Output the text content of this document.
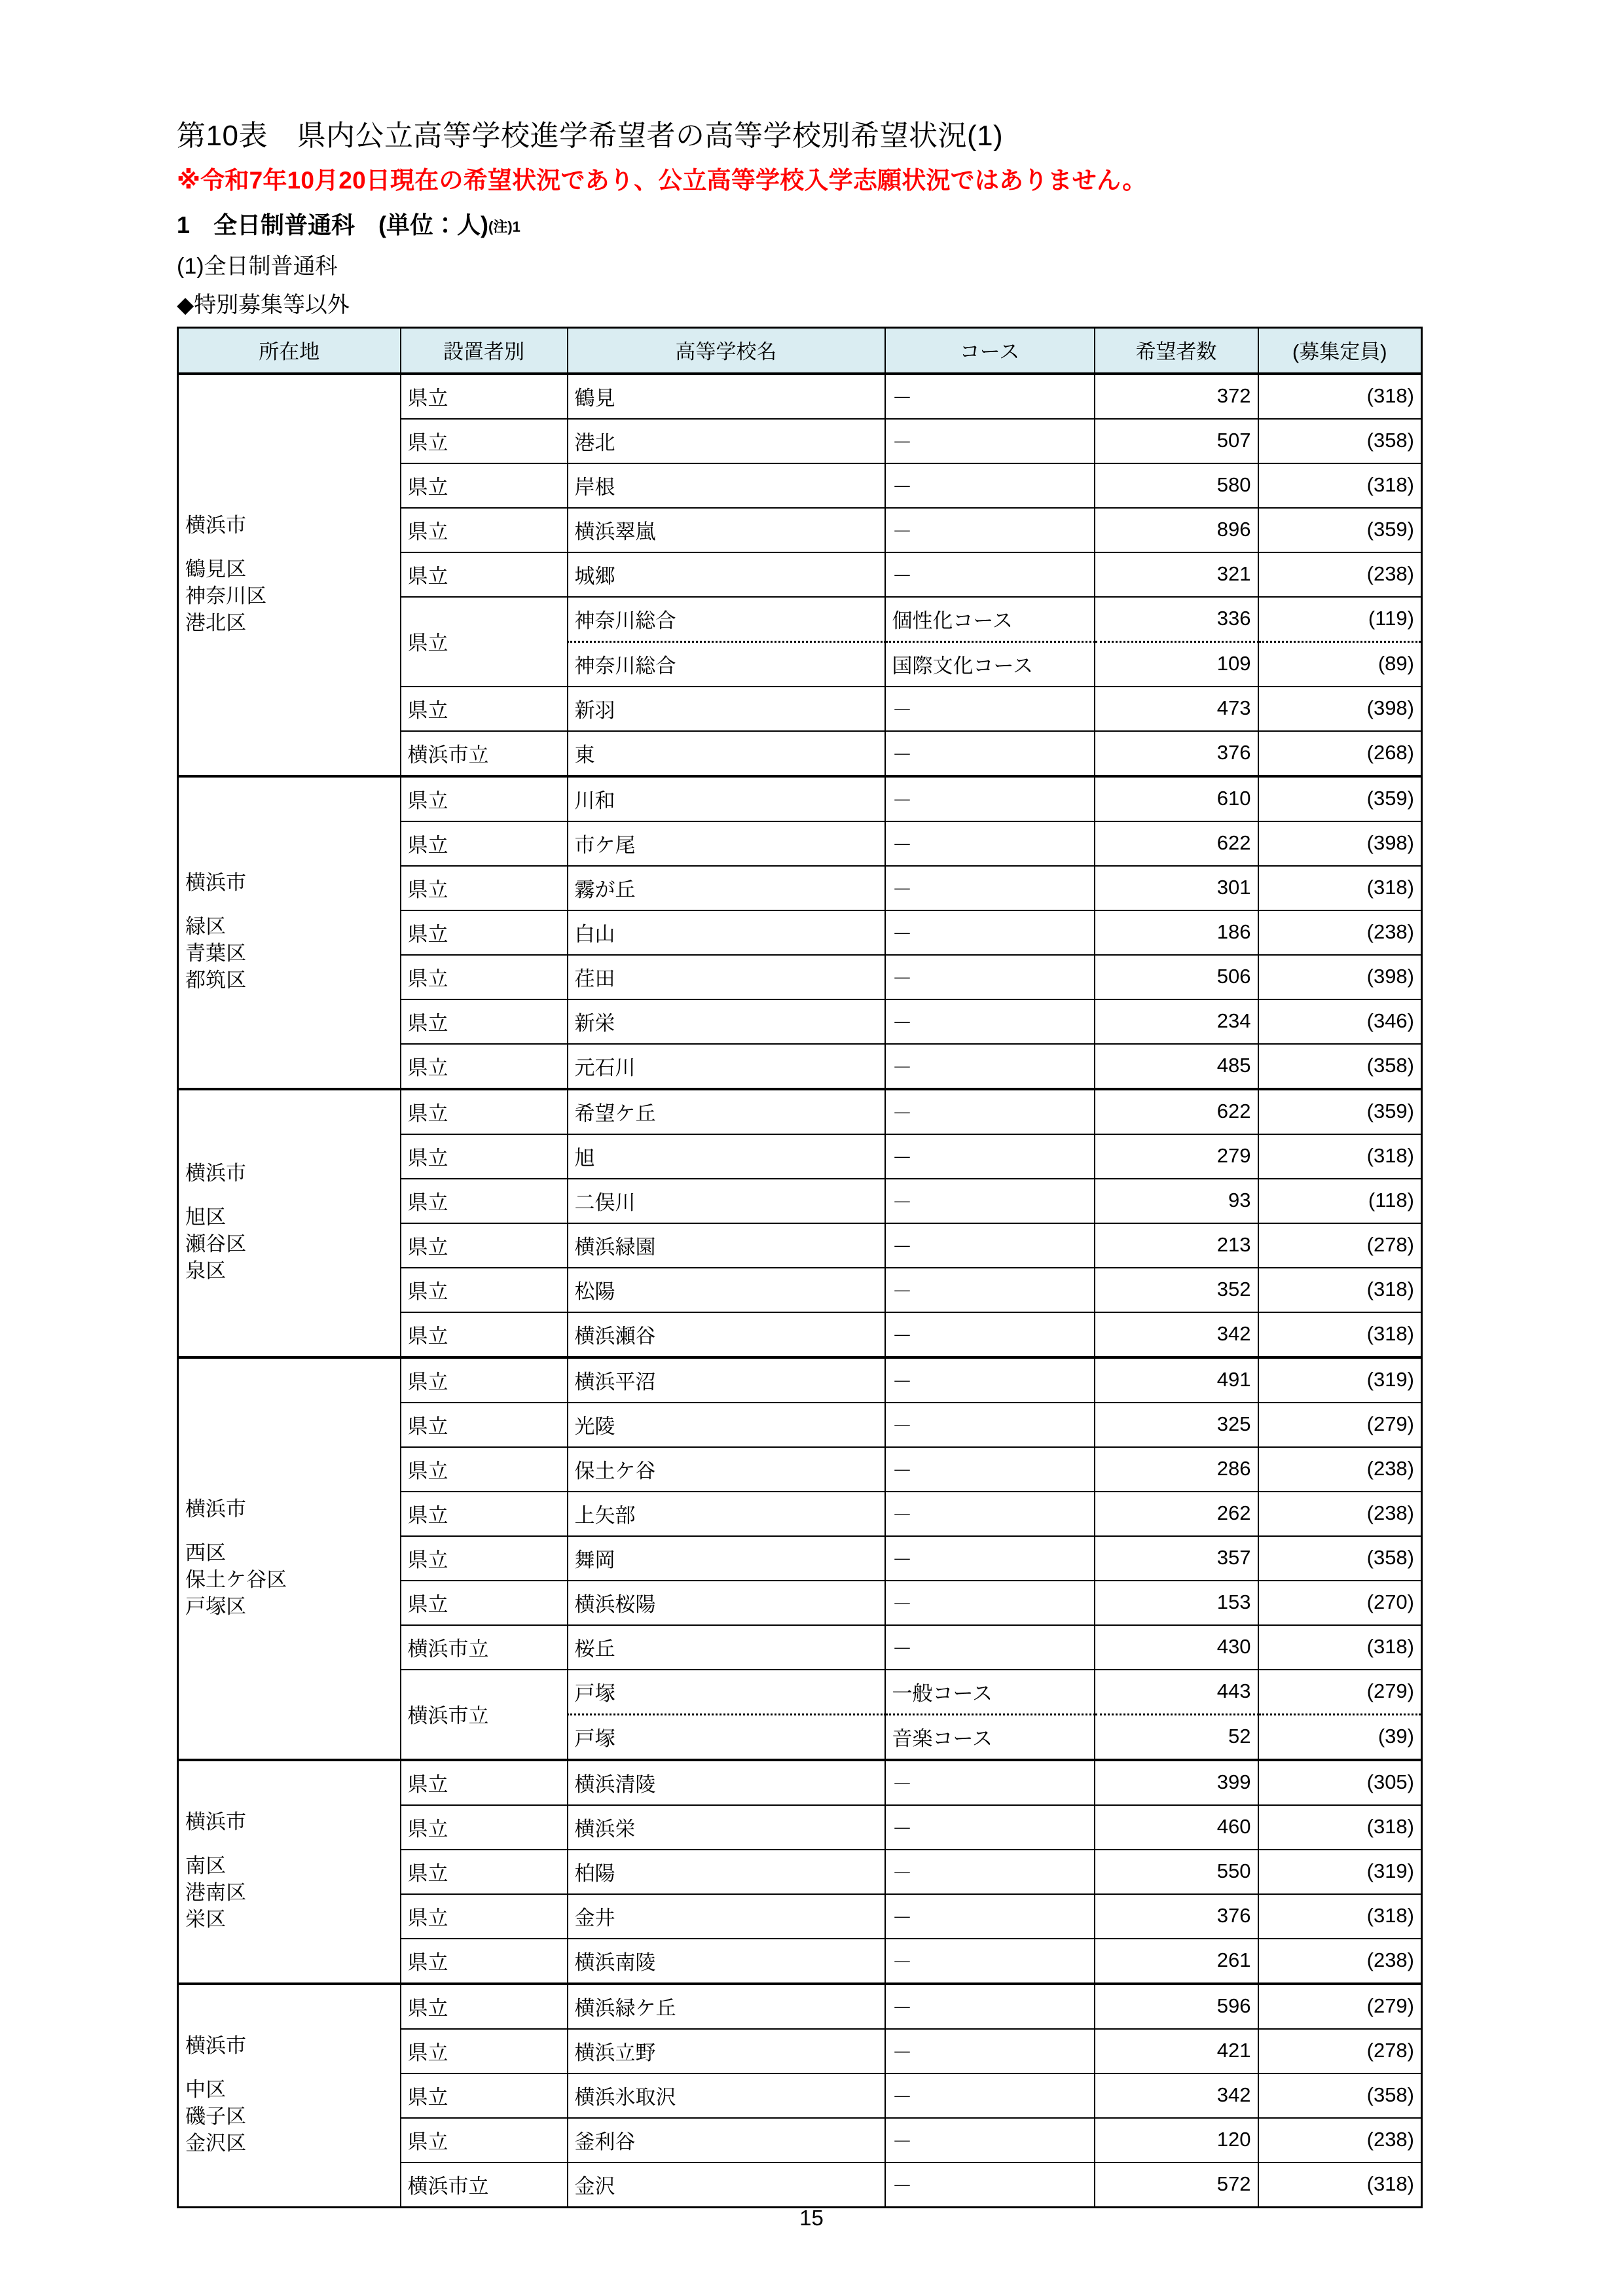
第10表　県内公立高等学校進学希望者の高等学校別希望状況(1)

※令和7年10月20日現在の希望状況であり、公立高等学校入学志願状況ではありません。

1　全日制普通科　(単位：人)(注)1

(1)全日制普通科

◆特別募集等以外

所在地	設置者別	高等学校名	コース	希望者数	(募集定員)

横浜市
鶴見区
神奈川区
港北区	県立	鶴見	－	372	(318)
	県立	港北	－	507	(358)
	県立	岸根	－	580	(318)
	県立	横浜翠嵐	－	896	(359)
	県立	城郷	－	321	(238)
	県立	神奈川総合	個性化コース	336	(119)
		神奈川総合	国際文化コース	109	(89)
	県立	新羽	－	473	(398)
	横浜市立	東	－	376	(268)

横浜市
緑区
青葉区
都筑区	県立	川和	－	610	(359)
	県立	市ケ尾	－	622	(398)
	県立	霧が丘	－	301	(318)
	県立	白山	－	186	(238)
	県立	荏田	－	506	(398)
	県立	新栄	－	234	(346)
	県立	元石川	－	485	(358)

横浜市
旭区
瀬谷区
泉区	県立	希望ケ丘	－	622	(359)
	県立	旭	－	279	(318)
	県立	二俣川	－	93	(118)
	県立	横浜緑園	－	213	(278)
	県立	松陽	－	352	(318)
	県立	横浜瀬谷	－	342	(318)

横浜市
西区
保土ケ谷区
戸塚区	県立	横浜平沼	－	491	(319)
	県立	光陵	－	325	(279)
	県立	保土ケ谷	－	286	(238)
	県立	上矢部	－	262	(238)
	県立	舞岡	－	357	(358)
	県立	横浜桜陽	－	153	(270)
	横浜市立	桜丘	－	430	(318)
	横浜市立	戸塚	一般コース	443	(279)
		戸塚	音楽コース	52	(39)

横浜市
南区
港南区
栄区	県立	横浜清陵	－	399	(305)
	県立	横浜栄	－	460	(318)
	県立	柏陽	－	550	(319)
	県立	金井	－	376	(318)
	県立	横浜南陵	－	261	(238)

横浜市
中区
磯子区
金沢区	県立	横浜緑ケ丘	－	596	(279)
	県立	横浜立野	－	421	(278)
	県立	横浜氷取沢	－	342	(358)
	県立	釜利谷	－	120	(238)
	横浜市立	金沢	－	572	(318)
15
